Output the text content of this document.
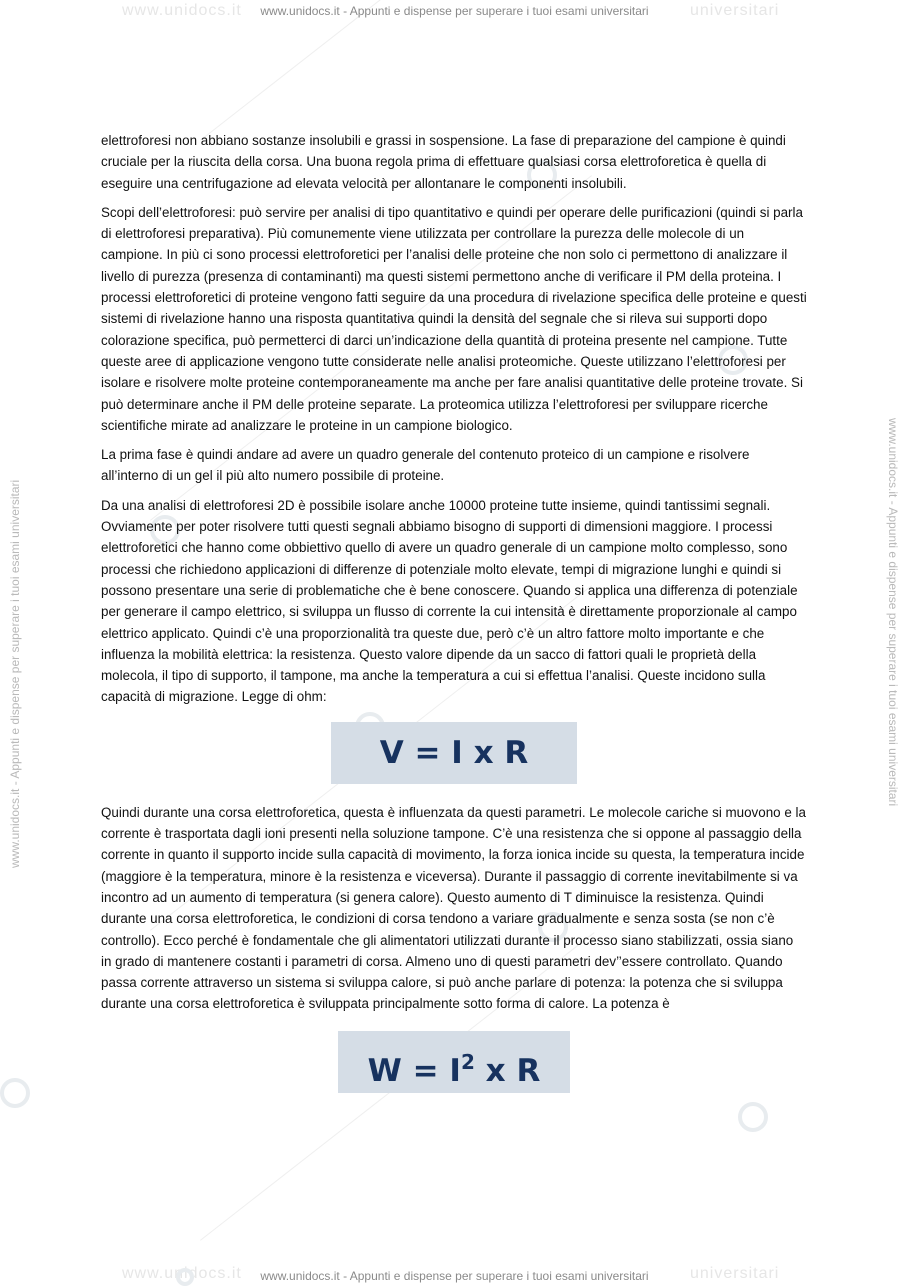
www.unidocs.it	universitari
www.unidocs.it	universitari
www.unidocs.it - Appunti e dispense per superare i tuoi esami universitari
www.unidocs.it - Appunti e dispense per superare i tuoi esami universitari
www.unidocs.it - Appunti e dispense per superare i tuoi esami universitari	www.unidocs.it - Appunti e dispense per superare i tuoi esami universitari

elettroforesi non abbiano sostanze insolubili e grassi in sospensione. La fase di preparazione del campione è quindi cruciale per la riuscita della corsa. Una buona regola prima di effettuare qualsiasi corsa elettroforetica è quella di eseguire una centrifugazione ad elevata velocità per allontanare le componenti insolubili.

Scopi dell’elettroforesi: può servire per analisi di tipo quantitativo e quindi per operare delle purificazioni (quindi si parla di elettroforesi preparativa). Più comunemente viene utilizzata per controllare la purezza delle molecole di un campione. In più ci sono processi elettroforetici per l’analisi delle proteine che non solo ci permettono di analizzare il livello di purezza (presenza di contaminanti) ma questi sistemi permettono anche di verificare il PM della proteina. I processi elettroforetici di proteine vengono fatti seguire da una procedura di rivelazione specifica delle proteine e questi sistemi di rivelazione hanno una risposta quantitativa quindi la densità del segnale che si rileva sui supporti dopo colorazione specifica, può permetterci di darci un’indicazione della quantità di proteina presente nel campione. Tutte queste aree di applicazione vengono tutte considerate nelle analisi proteomiche. Queste utilizzano l’elettroforesi per isolare e risolvere molte proteine contemporaneamente ma anche per fare analisi quantitative delle proteine trovate. Si può determinare anche il PM delle proteine separate. La proteomica utilizza l’elettroforesi per sviluppare ricerche scientifiche mirate ad analizzare le proteine in un campione biologico.

La prima fase è quindi andare ad avere un quadro generale del contenuto proteico di un campione e risolvere all’interno di un gel il più alto numero possibile di proteine.

Da una analisi di elettroforesi 2D è possibile isolare anche 10000 proteine tutte insieme, quindi tantissimi segnali. Ovviamente per poter risolvere tutti questi segnali abbiamo bisogno di supporti di dimensioni maggiore. I processi elettroforetici che hanno come obbiettivo quello di avere un quadro generale di un campione molto complesso, sono processi che richiedono applicazioni di differenze di potenziale molto elevate, tempi di migrazione lunghi e quindi si possono presentare una serie di problematiche che è bene conoscere. Quando si applica una differenza di potenziale per generare il campo elettrico, si sviluppa un flusso di corrente la cui intensità è direttamente proporzionale al campo elettrico applicato. Quindi c’è una proporzionalità tra queste due, però c’è un altro fattore molto importante e che influenza la mobilità elettrica: la resistenza. Questo valore dipende da un sacco di fattori quali le proprietà della molecola, il tipo di supporto, il tampone, ma anche la temperatura a cui si effettua l’analisi. Queste incidono sulla capacità di migrazione. Legge di ohm:

V = I x R

Quindi durante una corsa elettroforetica, questa è influenzata da questi parametri. Le molecole cariche si muovono e la corrente è trasportata dagli ioni presenti nella soluzione tampone. C’è una resistenza che si oppone al passaggio della corrente in quanto il supporto incide sulla capacità di movimento, la forza ionica incide su questa, la temperatura incide (maggiore è la temperatura, minore è la resistenza e viceversa). Durante il passaggio di corrente inevitabilmente si va incontro ad un aumento di temperatura (si genera calore). Questo aumento di T diminuisce la resistenza. Quindi durante una corsa elettroforetica, le condizioni di corsa tendono a variare gradualmente e senza sosta (se non c’è controllo). Ecco perché è fondamentale che gli alimentatori utilizzati durante il processo siano stabilizzati, ossia siano in grado di mantenere costanti i parametri di corsa. Almeno uno di questi parametri dev’’essere controllato. Quando passa corrente attraverso un sistema si sviluppa calore, si può anche parlare di potenza: la potenza che si sviluppa durante una corsa elettroforetica è sviluppata principalmente sotto forma di calore. La potenza è

$W = I^2$ x R
